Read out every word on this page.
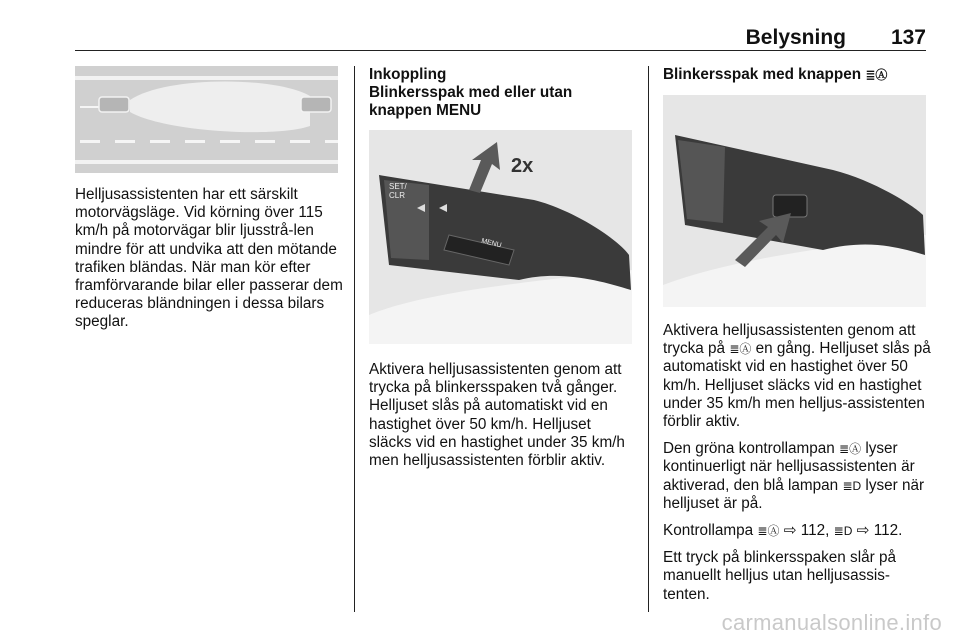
Belysning 137

Helljusassistenten har ett särskilt motorvägsläge. Vid körning över 115 km/h på motorvägar blir ljusstrå-len mindre för att undvika att den mötande trafiken bländas. När man kör efter framförvarande bilar eller passerar dem reduceras bländningen i dessa bilars speglar.

Inkoppling
Blinkersspak med eller utan knappen MENU
2x
SET/
CLR
MENU

Aktivera helljusassistenten genom att trycka på blinkersspaken två gånger. Helljuset slås på automatiskt vid en hastighet över 50 km/h. Helljuset släcks vid en hastighet under 35 km/h men helljusassistenten förblir aktiv.

Blinkersspak med knappen ≣Ⓐ

Aktivera helljusassistenten genom att trycka på ≣Ⓐ en gång. Helljuset slås på automatiskt vid en hastighet över 50 km/h. Helljuset släcks vid en hastighet under 35 km/h men helljus-assistenten förblir aktiv.

Den gröna kontrollampan ≣Ⓐ lyser kontinuerligt när helljusassistenten är aktiverad, den blå lampan ≣D lyser när helljuset är på.

Kontrollampa ≣Ⓐ ⇨ 112, ≣D ⇨ 112.

Ett tryck på blinkersspaken slår på manuellt helljus utan helljusassis-tenten.

carmanualsonline.info
